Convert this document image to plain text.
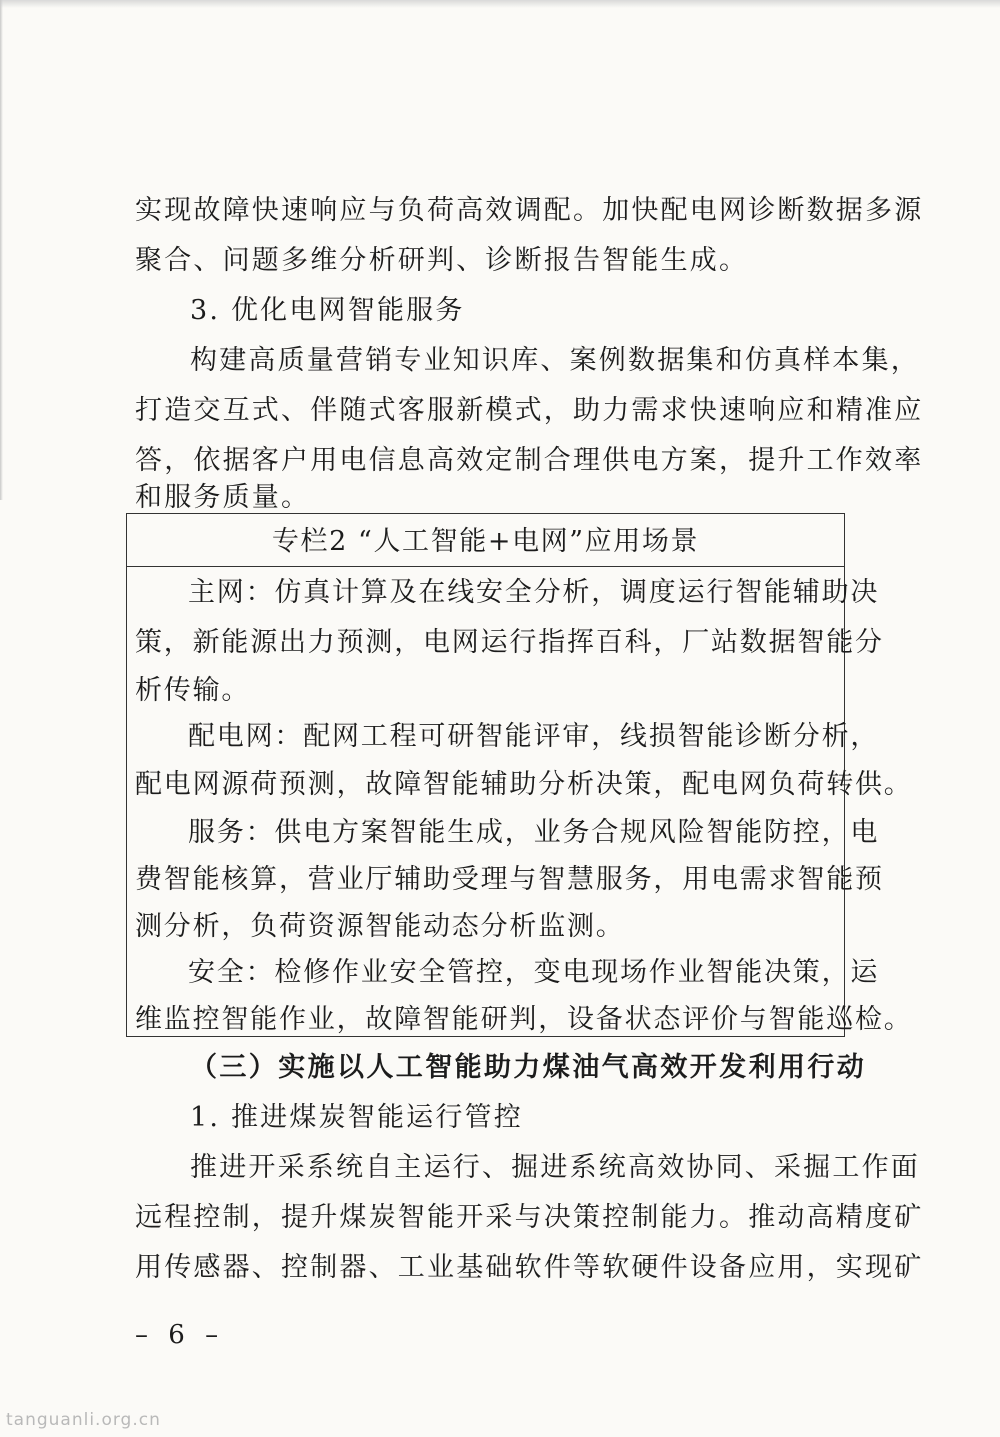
实现故障快速响应与负荷高效调配。加快配电网诊断数据多源
聚合、问题多维分析研判、诊断报告智能生成。
3. 优化电网智能服务
构建高质量营销专业知识库、案例数据集和仿真样本集，
打造交互式、伴随式客服新模式，助力需求快速响应和精准应
答，依据客户用电信息高效定制合理供电方案，提升工作效率
和服务质量。
专栏2 “人工智能+电网”应用场景
主网：仿真计算及在线安全分析，调度运行智能辅助决
策，新能源出力预测，电网运行指挥百科，厂站数据智能分
析传输。
配电网：配网工程可研智能评审，线损智能诊断分析，
配电网源荷预测，故障智能辅助分析决策，配电网负荷转供。
服务：供电方案智能生成，业务合规风险智能防控，电
费智能核算，营业厅辅助受理与智慧服务，用电需求智能预
测分析，负荷资源智能动态分析监测。
安全：检修作业安全管控，变电现场作业智能决策，运
维监控智能作业，故障智能研判，设备状态评价与智能巡检。
（三）实施以人工智能助力煤油气高效开发利用行动
1. 推进煤炭智能运行管控
推进开采系统自主运行、掘进系统高效协同、采掘工作面
远程控制，提升煤炭智能开采与决策控制能力。推动高精度矿
用传感器、控制器、工业基础软件等软硬件设备应用，实现矿
– 6 –
tanguanli.org.cn
